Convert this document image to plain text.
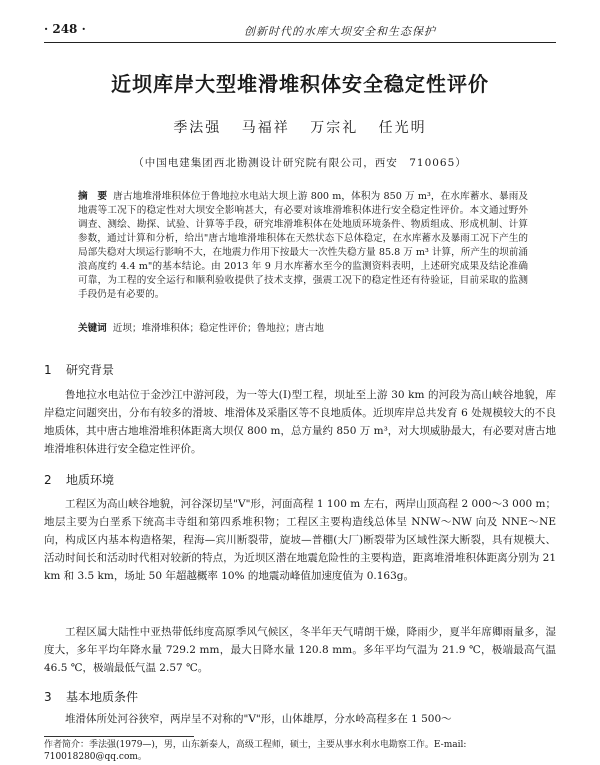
· 248 ·	创新时代的水库大坝安全和生态保护
近坝库岸大型堆滑堆积体安全稳定性评价
季法强 马福祥 万宗礼 任光明
（中国电建集团西北勘测设计研究院有限公司，西安　710065）
摘　要 唐古地堆滑堆积体位于鲁地拉水电站大坝上游 800 m，体积为 850 万 m³，在水库蓄水、暴雨及地震等工况下的稳定性对大坝安全影响甚大，有必要对该堆滑堆积体进行安全稳定性评价。本文通过野外调查、测绘、勘探、试验、计算等手段，研究堆滑堆积体在处地质环境条件、物质组成、形成机制、计算参数，通过计算和分析，给出"唐古地堆滑堆积体在天然状态下总体稳定，在水库蓄水及暴雨工况下产生的局部失稳对大坝运行影响不大，在地震力作用下按最大一次性失稳方量 85.8 万 m³ 计算，所产生的坝前涌浪高度约 4.4 m"的基本结论。由 2013 年 9 月水库蓄水至今的监测资料表明，上述研究成果及结论准确可靠，为工程的安全运行和顺利验收提供了技术支撑，强震工况下的稳定性还有待验证，目前采取的监测手段仍是有必要的。
关键词 近坝；堆滑堆积体；稳定性评价；鲁地拉；唐古地
1 研究背景
鲁地拉水电站位于金沙江中游河段，为一等大(Ⅰ)型工程，坝址至上游 30 km 的河段为高山峡谷地貌，库岸稳定问题突出，分布有较多的滑坡、堆滑体及采脂区等不良地质体。近坝库岸总共发育 6 处规模较大的不良地质体，其中唐古地堆滑堆积体距离大坝仅 800 m，总方量约 850 万 m³，对大坝威胁最大，有必要对唐古地堆滑堆积体进行安全稳定性评价。
2 地质环境
工程区为高山峡谷地貌，河谷深切呈"V"形，河面高程 1 100 m 左右，两岸山顶高程 2 000～3 000 m；地层主要为白垩系下统高丰寺组和第四系堆积物；工程区主要构造线总体呈 NNW～NW 向及 NNE～NE 向，构成区内基本构造格架，程海—宾川断裂带，旋坡—普棚(大厂)断裂带为区域性深大断裂，具有规模大、活动时间长和活动时代相对较新的特点，为近坝区潜在地震危险性的主要构造，距离堆滑堆积体距离分别为 21 km 和 3.5 km，场址 50 年超越概率 10% 的地震动峰值加速度值为 0.163g。
工程区属大陆性中亚热带低纬度高原季风气候区，冬半年天气晴朗干燥，降雨少，夏半年席卿雨量多，湿度大，多年平均年降水量 729.2 mm，最大日降水量 120.8 mm。多年平均气温为 21.9 ℃，极端最高气温 46.5 ℃，极端最低气温 2.57 ℃。
3 基本地质条件
堆滑体所处河谷狭窄，两岸呈不对称的"V"形，山体雄厚，分水岭高程多在 1 500～
作者简介：季法强(1979—)，男，山东新泰人，高级工程师，硕士，主要从事水利水电勘察工作。E-mail: 710018280@qq.com。
